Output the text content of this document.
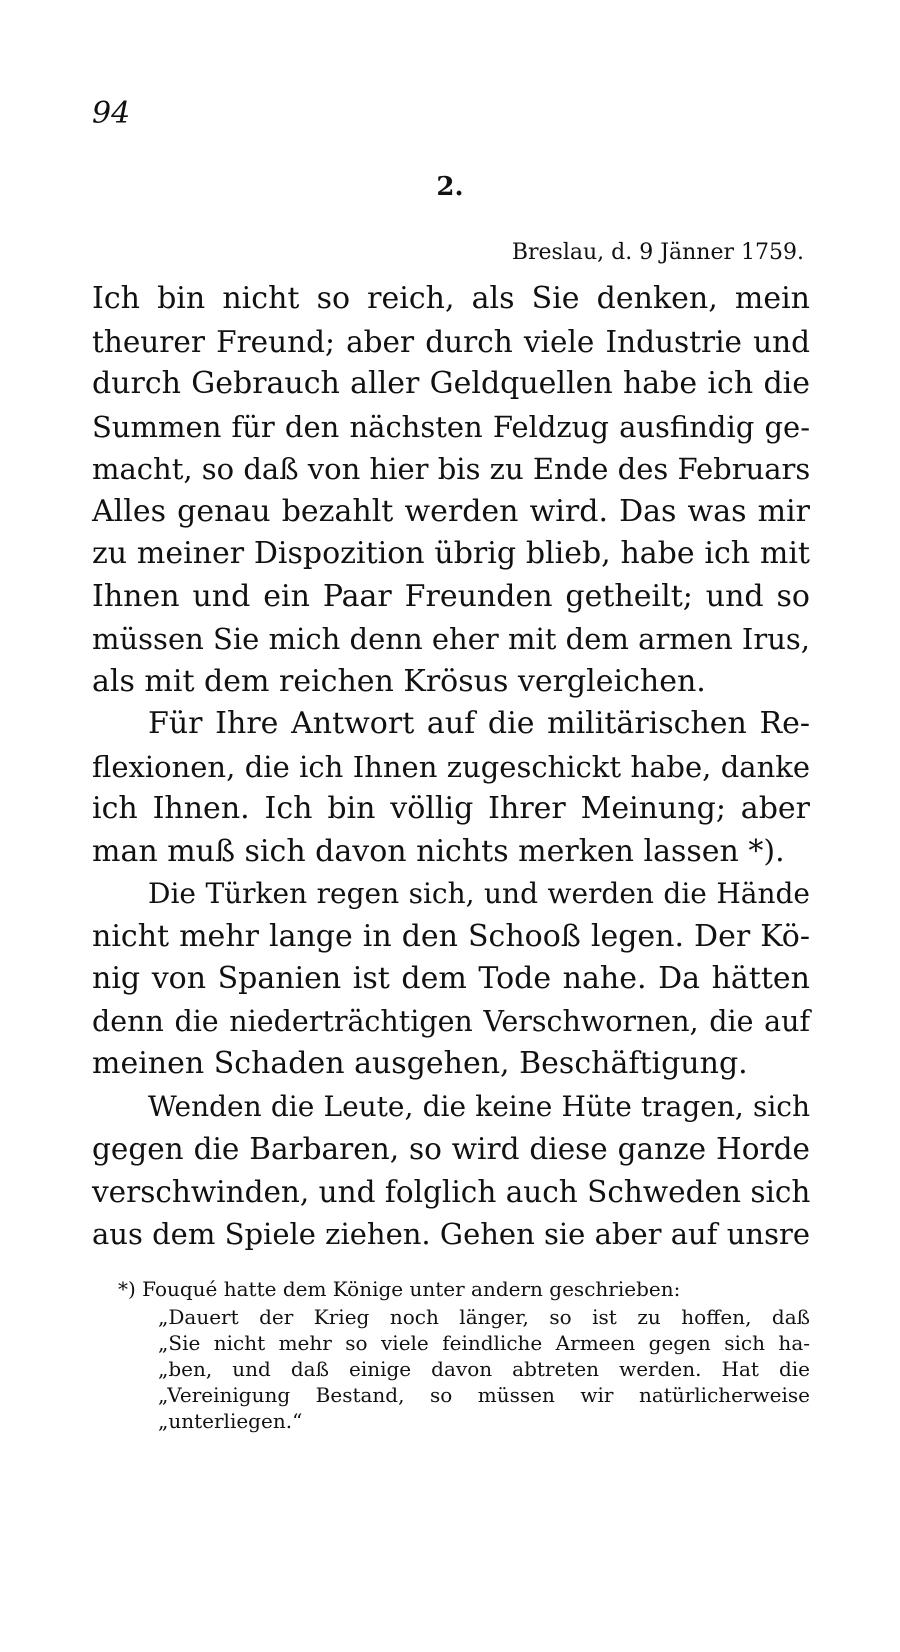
94
2.
Breslau, d. 9 Jänner 1759.
Ich bin nicht so reich, als Sie denken, mein
theurer Freund; aber durch viele Industrie und
durch Gebrauch aller Geldquellen habe ich die
Summen für den nächsten Feldzug ausfindig ge-
macht, so daß von hier bis zu Ende des Februars
Alles genau bezahlt werden wird. Das was mir
zu meiner Dispozition übrig blieb, habe ich mit
Ihnen und ein Paar Freunden getheilt; und so
müssen Sie mich denn eher mit dem armen Irus,
als mit dem reichen Krösus vergleichen.
Für Ihre Antwort auf die militärischen Re-
flexionen, die ich Ihnen zugeschickt habe, danke
ich Ihnen. Ich bin völlig Ihrer Meinung; aber
man muß sich davon nichts merken lassen *).
Die Türken regen sich, und werden die Hände
nicht mehr lange in den Schooß legen. Der Kö-
nig von Spanien ist dem Tode nahe. Da hätten
denn die niederträchtigen Verschwornen, die auf
meinen Schaden ausgehen, Beschäftigung.
Wenden die Leute, die keine Hüte tragen, sich
gegen die Barbaren, so wird diese ganze Horde
verschwinden, und folglich auch Schweden sich
aus dem Spiele ziehen. Gehen sie aber auf unsre
*) Fouqué hatte dem Könige unter andern geschrieben:
„Dauert der Krieg noch länger, so ist zu hoffen, daß
„Sie nicht mehr so viele feindliche Armeen gegen sich ha-
„ben, und daß einige davon abtreten werden. Hat die
„Vereinigung Bestand, so müssen wir natürlicherweise
„unterliegen.“
